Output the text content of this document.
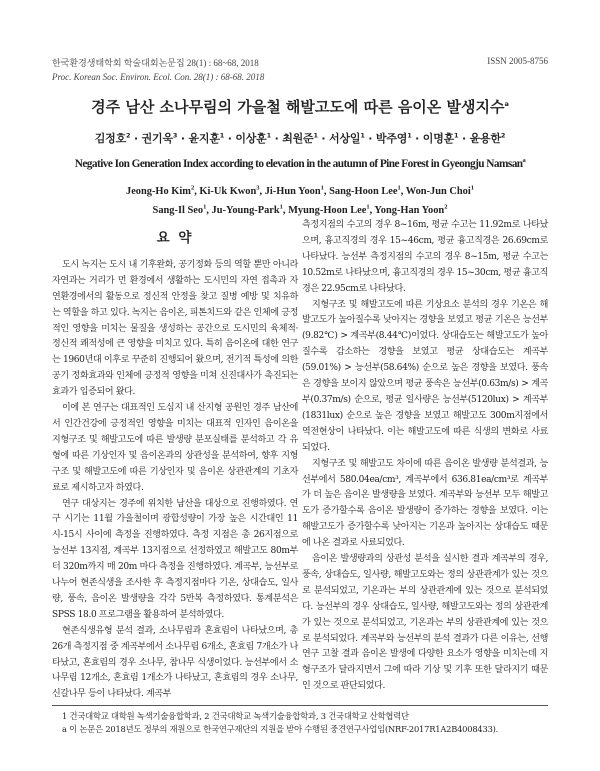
한국환경생태학회 학술대회논문집 28(1) : 68~68, 2018
Proc. Korean Soc. Environ. Ecol. Con. 28(1) : 68-68. 2018
ISSN 2005-8756
경주 남산 소나무림의 가을철 해발고도에 따른 음이온 발생지수$^a$
김정호$^2$ · 권기욱$^3$ · 윤지훈$^1$ · 이상훈$^1$ · 최원준$^1$ · 서상일$^1$ · 박주영$^1$ · 이명훈$^1$ · 윤용한$^2$
Negative Ion Generation Index according to elevation in the autumn of Pine Forest in Gyeongju Namsan$^a$
Jeong-Ho Kim$^2$, Ki-Uk Kwon$^3$, Ji-Hun Yoon$^1$, Sang-Hoon Lee$^1$, Won-Jun Choi$^1$
Sang-Il Seo$^1$, Ju-Young-Park$^1$, Myung-Hoon Lee$^1$, Yong-Han Yoon$^2$
요 약

도시 녹지는 도시 내 기후완화, 공기정화 등의 역할 뿐만 아니라 자연과는 거리가 먼 환경에서 생활하는 도시민의 자연 접촉과 자연환경에서의 활동으로 정신적 안정을 찾고 질병 예방 및 치유하는 역할을 하고 있다. 녹지는 음이온, 피톤치드와 같은 인체에 긍정적인 영향을 미치는 물질을 생성하는 공간으로 도시민의 육체적·정신적 쾌적성에 큰 영향을 미치고 있다. 특히 음이온에 대한 연구는 1960년대 이후로 꾸준히 진행되어 왔으며, 전기적 특성에 의한 공기 정화효과와 인체에 긍정적 영향을 미쳐 신진대사가 촉진되는 효과가 입증되어 왔다.

이에 본 연구는 대표적인 도심지 내 산지형 공원인 경주 남산에서 인간건강에 긍정적인 영향을 미치는 대표적 인자인 음이온을 지형구조 및 해발고도에 따른 발생량 분포실태를 분석하고 각 유형에 따른 기상인자 및 음이온과의 상관성을 분석하여, 향후 지형구조 및 해발고도에 따른 기상인자 및 음이온 상관관계의 기초자료로 제시하고자 하였다.

연구 대상지는 경주에 위치한 남산을 대상으로 진행하였다. 연구 시기는 11월 가을철이며 광합성량이 가장 높은 시간대인 11시-15시 사이에 측정을 진행하였다. 측정 지점은 총 26지점으로 능선부 13지점, 계곡부 13지점으로 선정하였고 해발고도 80m부터 320m까지 매 20m 마다 측정을 진행하였다. 계곡부, 능선부로 나누어 현존식생을 조사한 후 측정지점마다 기온, 상대습도, 일사량, 풍속, 음이온 발생량을 각각 5반복 측정하였다. 통계분석은 SPSS 18.0 프로그램을 활용하여 분석하였다.

현존식생유형 분석 결과, 소나무림과 혼효림이 나타났으며, 총 26개 측정지점 중 계곡부에서 소나무림 6개소, 혼효림 7개소가 나타났고, 혼효림의 경우 소나무, 참나무 식생이었다. 능선부에서 소나무림 12개소, 혼효림 1개소가 나타났고, 혼효림의 경우 소나무, 신갈나무 등이 나타났다. 계곡부

측정지점의 수고의 경우 8~16m, 평균 수고는 11.92m로 나타났으며, 흉고직경의 경우 15~46cm, 평균 흉고직경은 26.69cm로 나타났다. 능선부 측정지점의 수고의 경우 8~15m, 평균 수고는 10.52m로 나타났으며, 흉고직경의 경우 15~30cm, 평균 흉고직경은 22.95cm로 나타났다.

지형구조 및 해발고도에 따른 기상요소 분석의 경우 기온은 해발고도가 높아질수록 낮아지는 경향을 보였고 평균 기온은 능선부(9.82℃) > 계곡부(8.44℃)이었다. 상대습도는 해발고도가 높아질수록 감소하는 경향을 보였고 평균 상대습도는 계곡부(59.01%) > 능선부(58.64%) 순으로 높은 경향을 보였다. 풍속은 경향을 보이지 않았으며 평균 풍속은 능선부(0.63m/s) > 계곡부(0.37m/s) 순으로, 평균 일사량은 능선부(5120lux) > 계곡부(1831lux) 순으로 높은 경향을 보였고 해발고도 300m지점에서 역전현상이 나타났다. 이는 해발고도에 따른 식생의 변화로 사료되었다.

지형구조 및 해발고도 차이에 따른 음이온 발생량 분석결과, 능선부에서 580.04ea/cm³, 계곡부에서 636.81ea/cm³로 계곡부가 더 높은 음이온 발생량을 보였다. 계곡부와 능선부 모두 해발고도가 증가할수록 음이온 발생량이 증가하는 경향을 보였다. 이는 해발고도가 증가할수록 낮아지는 기온과 높아지는 상대습도 때문에 나온 결과로 사료되었다.

음이온 발생량과의 상관성 분석을 실시한 결과 계곡부의 경우, 풍속, 상대습도, 일사량, 해발고도와는 정의 상관관계가 있는 것으로 분석되었고, 기온과는 부의 상관관계에 있는 것으로 분석되었다. 능선부의 경우 상대습도, 일사량, 해발고도와는 정의 상관관계가 있는 것으로 분석되었고, 기온과는 부의 상관관계에 있는 것으로 분석되었다. 계곡부와 능선부의 분석 결과가 다른 이유는, 선행 연구 고찰 결과 음이온 발생에 다양한 요소가 영향을 미치는데 지형구조가 달라지면서 그에 따라 기상 및 기후 또한 달라지기 때문인 것으로 판단되었다.

1 건국대학교 대학원 녹색기술융합학과, 2 건국대학교 녹색기술융합학과, 3 건국대학교 산학협력단
a 이 논문은 2018년도 정부의 재원으로 한국연구재단의 지원을 받아 수행된 중견연구사업임(NRF-2017R1A2B4008433).
